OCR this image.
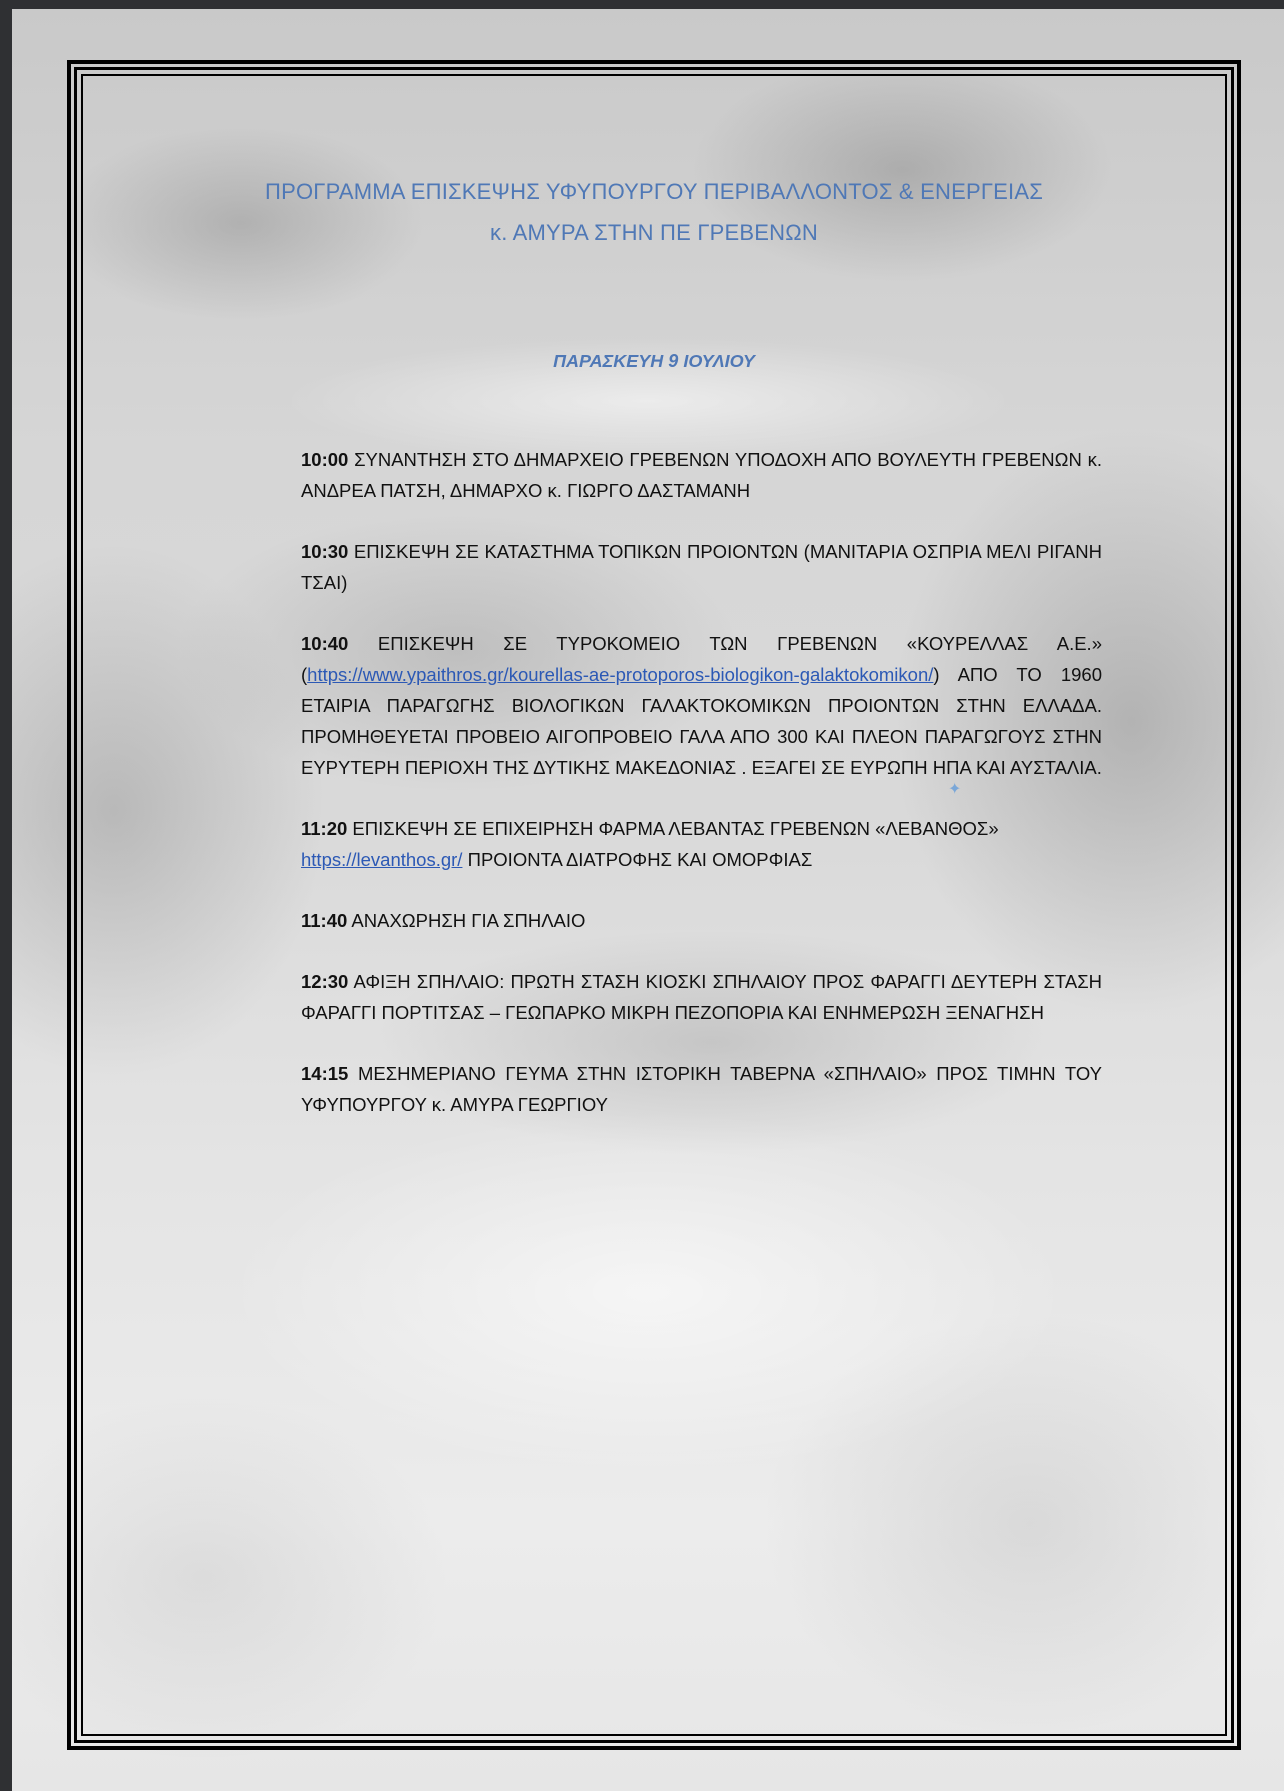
ΠΡΟΓΡΑΜΜΑ ΕΠΙΣΚΕΨΗΣ ΥΦΥΠΟΥΡΓΟΥ ΠΕΡΙΒΑΛΛΟΝΤΟΣ & ΕΝΕΡΓΕΙΑΣ
κ. ΑΜΥΡΑ ΣΤΗΝ ΠΕ ΓΡΕΒΕΝΩΝ
ΠΑΡΑΣΚΕΥΗ 9 ΙΟΥΛΙΟΥ

10:00 ΣΥΝΑΝΤΗΣΗ ΣΤΟ ΔΗΜΑΡΧΕΙΟ ΓΡΕΒΕΝΩΝ ΥΠΟΔΟΧΗ ΑΠΟ ΒΟΥΛΕΥΤΗ ΓΡΕΒΕΝΩΝ κ. ΑΝΔΡΕΑ ΠΑΤΣΗ, ΔΗΜΑΡΧΟ κ. ΓΙΩΡΓΟ ΔΑΣΤΑΜΑΝΗ

10:30 ΕΠΙΣΚΕΨΗ ΣΕ ΚΑΤΑΣΤΗΜΑ ΤΟΠΙΚΩΝ ΠΡΟΙΟΝΤΩΝ (ΜΑΝΙΤΑΡΙΑ ΟΣΠΡΙΑ ΜΕΛΙ ΡΙΓΑΝΗ ΤΣΑΙ)

10:40 ΕΠΙΣΚΕΨΗ ΣΕ ΤΥΡΟΚΟΜΕΙΟ ΤΩΝ ΓΡΕΒΕΝΩΝ «ΚΟΥΡΕΛΛΑΣ Α.Ε.» (https://www.ypaithros.gr/kourellas-ae-protoporos-biologikon-galaktokomikon/) ΑΠΟ ΤΟ 1960 ΕΤΑΙΡΙΑ ΠΑΡΑΓΩΓΗΣ ΒΙΟΛΟΓΙΚΩΝ ΓΑΛΑΚΤΟΚΟΜΙΚΩΝ ΠΡΟΙΟΝΤΩΝ ΣΤΗΝ ΕΛΛΑΔΑ. ΠΡΟΜΗΘΕΥΕΤΑΙ ΠΡΟΒΕΙΟ ΑΙΓΟΠΡΟΒΕΙΟ ΓΑΛΑ ΑΠΟ 300 ΚΑΙ ΠΛΕΟΝ ΠΑΡΑΓΩΓΟΥΣ ΣΤΗΝ ΕΥΡΥΤΕΡΗ ΠΕΡΙΟΧΗ ΤΗΣ ΔΥΤΙΚΗΣ ΜΑΚΕΔΟΝΙΑΣ . ΕΞΑΓΕΙ ΣΕ ΕΥΡΩΠΗ ΗΠΑ ΚΑΙ ΑΥΣΤΑΛΙΑ.

11:20 ΕΠΙΣΚΕΨΗ ΣΕ ΕΠΙΧΕΙΡΗΣΗ ΦΑΡΜΑ ΛΕΒΑΝΤΑΣ ΓΡΕΒΕΝΩΝ «ΛΕΒΑΝΘΟΣ» https://levanthos.gr/ ΠΡΟΙΟΝΤΑ ΔΙΑΤΡΟΦΗΣ ΚΑΙ ΟΜΟΡΦΙΑΣ

11:40 ΑΝΑΧΩΡΗΣΗ ΓΙΑ ΣΠΗΛΑΙΟ

12:30 ΑΦΙΞΗ ΣΠΗΛΑΙΟ: ΠΡΩΤΗ ΣΤΑΣΗ ΚΙΟΣΚΙ ΣΠΗΛΑΙΟΥ ΠΡΟΣ ΦΑΡΑΓΓΙ ΔΕΥΤΕΡΗ ΣΤΑΣΗ ΦΑΡΑΓΓΙ ΠΟΡΤΙΤΣΑΣ – ΓΕΩΠΑΡΚΟ ΜΙΚΡΗ ΠΕΖΟΠΟΡΙΑ ΚΑΙ ΕΝΗΜΕΡΩΣΗ ΞΕΝΑΓΗΣΗ

14:15 ΜΕΣΗΜΕΡΙΑΝΟ ΓΕΥΜΑ ΣΤΗΝ ΙΣΤΟΡΙΚΗ ΤΑΒΕΡΝΑ «ΣΠΗΛΑΙΟ» ΠΡΟΣ ΤΙΜΗΝ ΤΟΥ ΥΦΥΠΟΥΡΓΟΥ κ. ΑΜΥΡΑ ΓΕΩΡΓΙΟΥ

✦
